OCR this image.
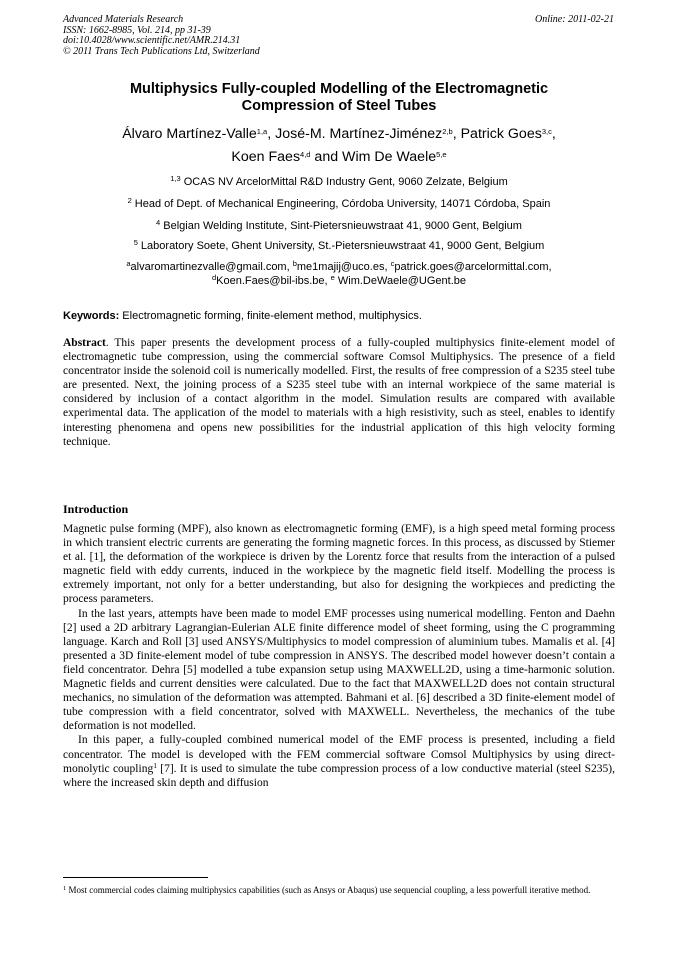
Advanced Materials Research
ISSN: 1662-8985, Vol. 214, pp 31-39
doi:10.4028/www.scientific.net/AMR.214.31
© 2011 Trans Tech Publications Ltd, Switzerland
Online: 2011-02-21
Multiphysics Fully-coupled Modelling of the Electromagnetic
Compression of Steel Tubes
Álvaro Martínez-Valle$^{1,a}$, José-M. Martínez-Jiménez$^{2,b}$, Patrick Goes$^{3,c}$,
Koen Faes$^{4,d}$ and Wim De Waele$^{5,e}$
$^{1,3}$ OCAS NV ArcelorMittal R&D Industry Gent, 9060 Zelzate, Belgium
$^2$ Head of Dept. of Mechanical Engineering, Córdoba University, 14071 Córdoba, Spain
$^4$ Belgian Welding Institute, Sint-Pietersnieuwstraat 41, 9000 Gent, Belgium
$^5$ Laboratory Soete, Ghent University, St.-Pietersnieuwstraat 41, 9000 Gent, Belgium
$^a$alvaromartinezvalle@gmail.com, $^b$me1majij@uco.es, $^c$patrick.goes@arcelormittal.com,
$^d$Koen.Faes@bil-ibs.be, $^e$ Wim.DeWaele@UGent.be
Keywords: Electromagnetic forming, finite-element method, multiphysics.
Abstract. This paper presents the development process of a fully-coupled multiphysics finite-element model of electromagnetic tube compression, using the commercial software Comsol Multiphysics. The presence of a field concentrator inside the solenoid coil is numerically modelled. First, the results of free compression of a S235 steel tube are presented. Next, the joining process of a S235 steel tube with an internal workpiece of the same material is considered by inclusion of a contact algorithm in the model. Simulation results are compared with available experimental data. The application of the model to materials with a high resistivity, such as steel, enables to identify interesting phenomena and opens new possibilities for the industrial application of this high velocity forming technique.
Introduction
Magnetic pulse forming (MPF), also known as electromagnetic forming (EMF), is a high speed metal forming process in which transient electric currents are generating the forming magnetic forces. In this process, as discussed by Stiemer et al. [1], the deformation of the workpiece is driven by the Lorentz force that results from the interaction of a pulsed magnetic field with eddy currents, induced in the workpiece by the magnetic field itself. Modelling the process is extremely important, not only for a better understanding, but also for designing the workpieces and predicting the process parameters.
In the last years, attempts have been made to model EMF processes using numerical modelling. Fenton and Daehn [2] used a 2D arbitrary Lagrangian-Eulerian ALE finite difference model of sheet forming, using the C programming language. Karch and Roll [3] used ANSYS/Multiphysics to model compression of aluminium tubes. Mamalis et al. [4] presented a 3D finite-element model of tube compression in ANSYS. The described model however doesn’t contain a field concentrator. Dehra [5] modelled a tube expansion setup using MAXWELL2D, using a time-harmonic solution. Magnetic fields and current densities were calculated. Due to the fact that MAXWELL2D does not contain structural mechanics, no simulation of the deformation was attempted. Bahmani et al. [6] described a 3D finite-element model of tube compression with a field concentrator, solved with MAXWELL. Nevertheless, the mechanics of the tube deformation is not modelled.
In this paper, a fully-coupled combined numerical model of the EMF process is presented, including a field concentrator. The model is developed with the FEM commercial software Comsol Multiphysics by using direct-monolytic coupling$^1$ [7]. It is used to simulate the tube compression process of a low conductive material (steel S235), where the increased skin depth and diffusion
$^1$ Most commercial codes claiming multiphysics capabilities (such as Ansys or Abaqus) use sequencial coupling, a less powerfull iterative method.
